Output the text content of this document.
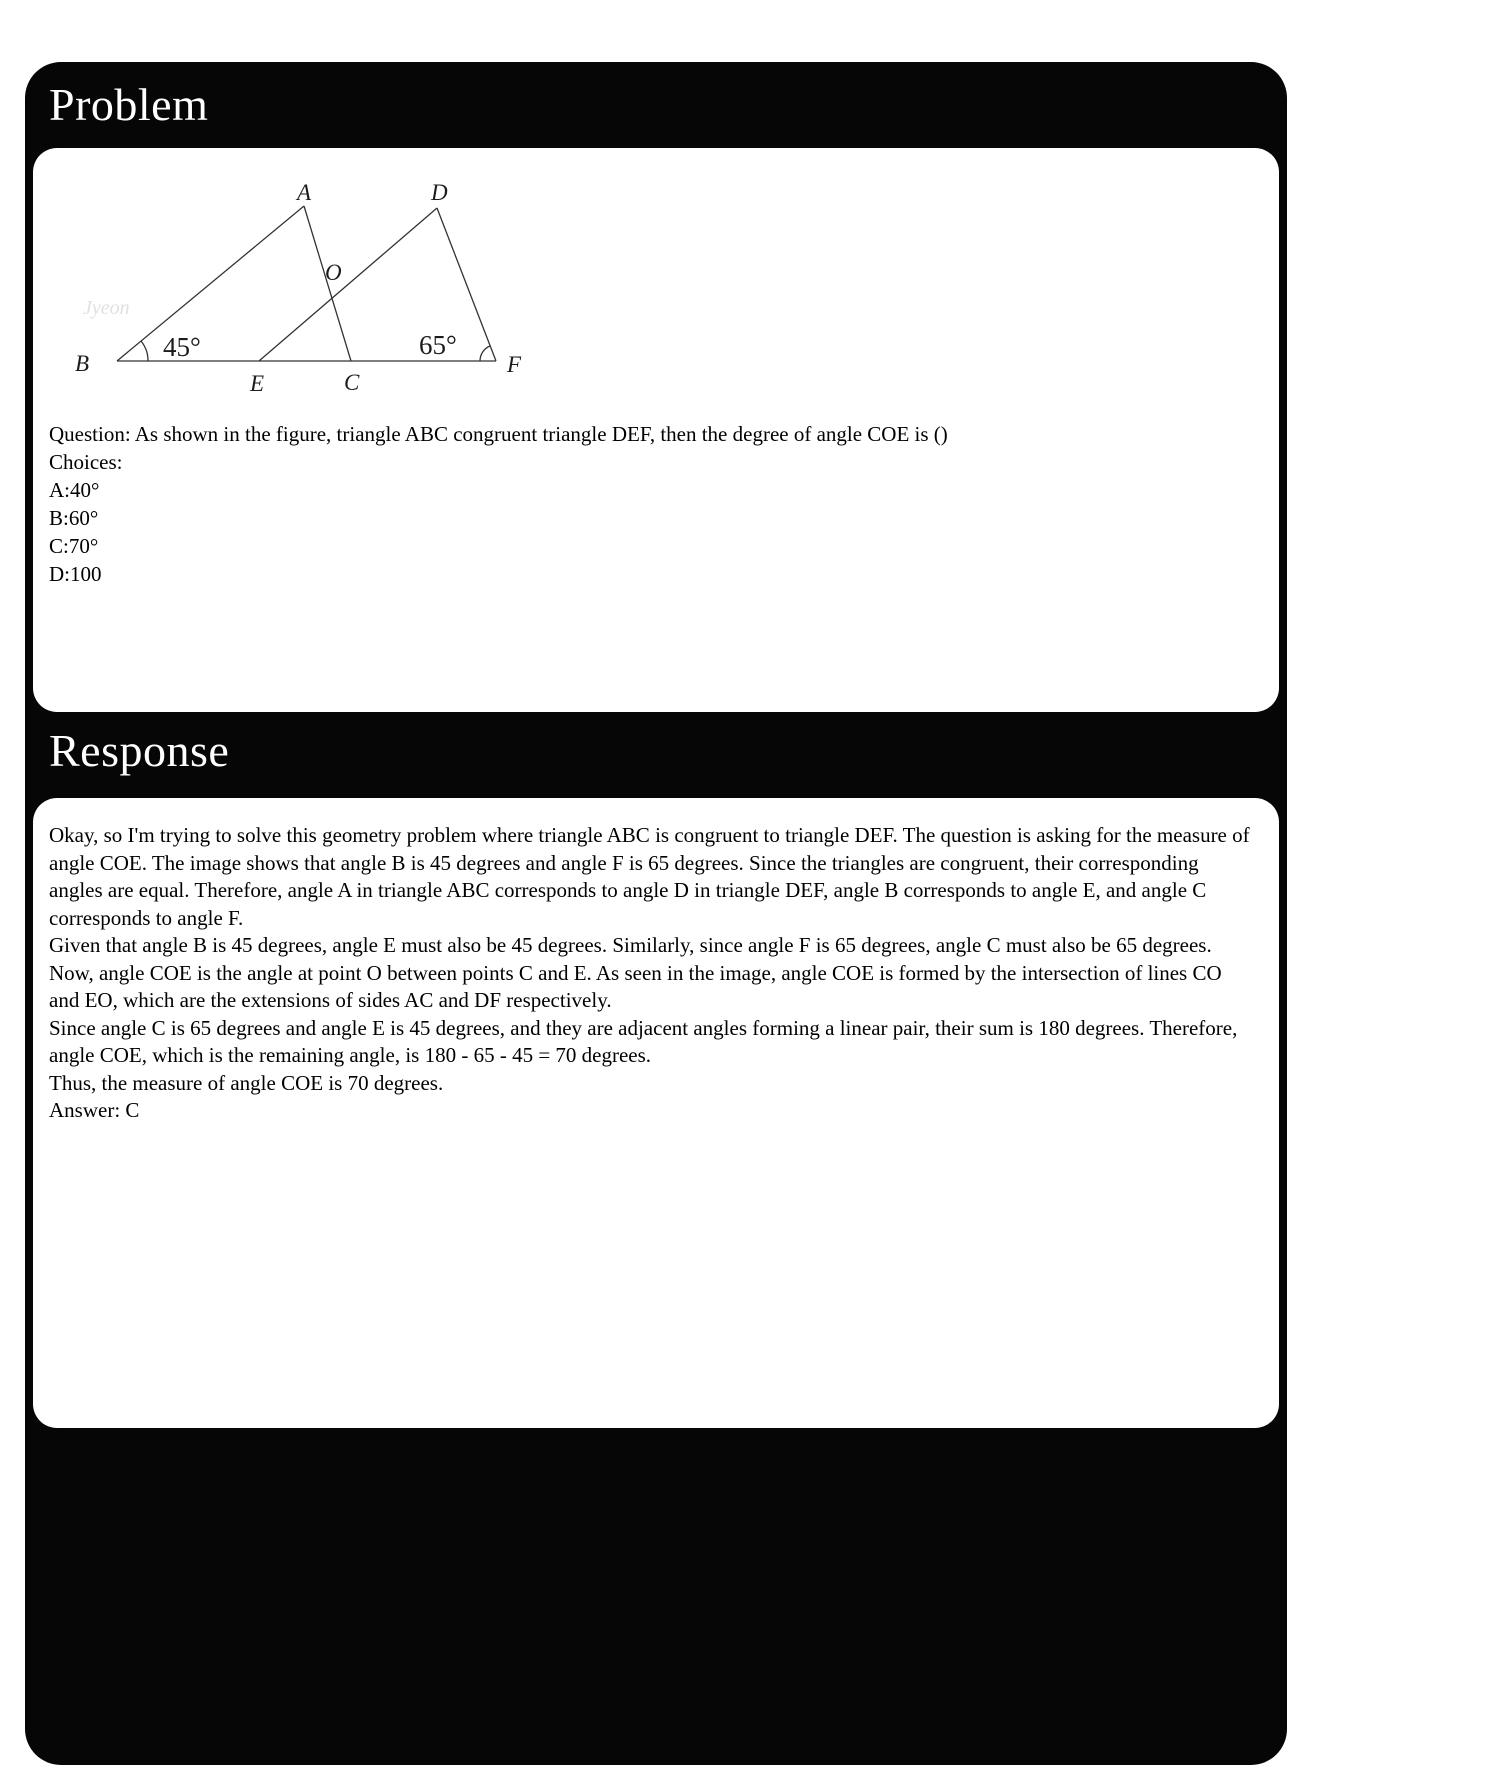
Problem
Jyeon
A
B
C
D
E
F
O
45°	65°
Question: As shown in the figure, triangle ABC congruent triangle DEF, then the degree of angle COE is ()
Choices:
A:40°
B:60°
C:70°
D:100
Response

Okay, so I'm trying to solve this geometry problem where triangle ABC is congruent to triangle DEF. The question is asking for the measure of angle COE. The image shows that angle B is 45 degrees and angle F is 65 degrees. Since the triangles are congruent, their corresponding angles are equal. Therefore, angle A in triangle ABC corresponds to angle D in triangle DEF, angle B corresponds to angle E, and angle C corresponds to angle F.

Given that angle B is 45 degrees, angle E must also be 45 degrees. Similarly, since angle F is 65 degrees, angle C must also be 65 degrees. Now, angle COE is the angle at point O between points C and E. As seen in the image, angle COE is formed by the intersection of lines CO and EO, which are the extensions of sides AC and DF respectively.

Since angle C is 65 degrees and angle E is 45 degrees, and they are adjacent angles forming a linear pair, their sum is 180 degrees. Therefore, angle COE, which is the remaining angle, is 180 - 65 - 45 = 70 degrees.

Thus, the measure of angle COE is 70 degrees.

Answer: C
